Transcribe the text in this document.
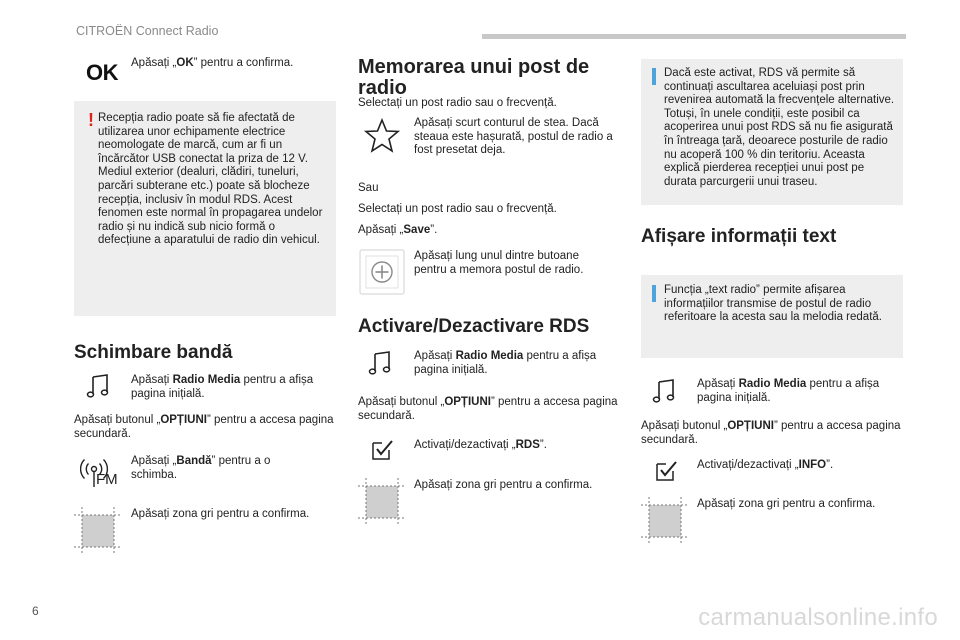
CITROËN Connect Radio
6	carmanualsonline.info
OK Apăsați „OK” pentru a confirma.
! Recepția radio poate să fie afectată de utilizarea unor echipamente electrice neomologate de marcă, cum ar fi un încărcător USB conectat la priza de 12 V. Mediul exterior (dealuri, clădiri, tuneluri, parcări subterane etc.) poate să blocheze recepția, inclusiv în modul RDS. Acest fenomen este normal în propagarea undelor radio și nu indică sub nicio formă o defecțiune a aparatului de radio din vehicul.
Schimbare bandă
Apăsați Radio Media pentru a afișa pagina inițială.
Apăsați butonul „OPȚIUNI” pentru a accesa pagina secundară.
FM
Apăsați „Bandă” pentru a o schimba.
Apăsați zona gri pentru a confirma.
Memorarea unui post de radio
Selectați un post radio sau o frecvență.
Apăsați scurt conturul de stea. Dacă steaua este hașurată, postul de radio a fost presetat deja.
Sau
Selectați un post radio sau o frecvență.
Apăsați „Save”.
Apăsați lung unul dintre butoane pentru a memora postul de radio.
Activare/Dezactivare RDS
Apăsați Radio Media pentru a afișa pagina inițială.
Apăsați butonul „OPȚIUNI” pentru a accesa pagina secundară.
Activați/dezactivați „RDS”.
Apăsați zona gri pentru a confirma.
Dacă este activat, RDS vă permite să continuați ascultarea aceluiași post prin revenirea automată la frecvențele alternative. Totuși, în unele condiții, este posibil ca acoperirea unui post RDS să nu fie asigurată în întreaga țară, deoarece posturile de radio nu acoperă 100 % din teritoriu. Aceasta explică pierderea recepției unui post pe durata parcurgerii unui traseu.
Afișare informații text
Funcția „text radio” permite afișarea informațiilor transmise de postul de radio referitoare la acesta sau la melodia redată.
Apăsați Radio Media pentru a afișa pagina inițială.
Apăsați butonul „OPȚIUNI” pentru a accesa pagina secundară.
Activați/dezactivați „INFO”.
Apăsați zona gri pentru a confirma.
